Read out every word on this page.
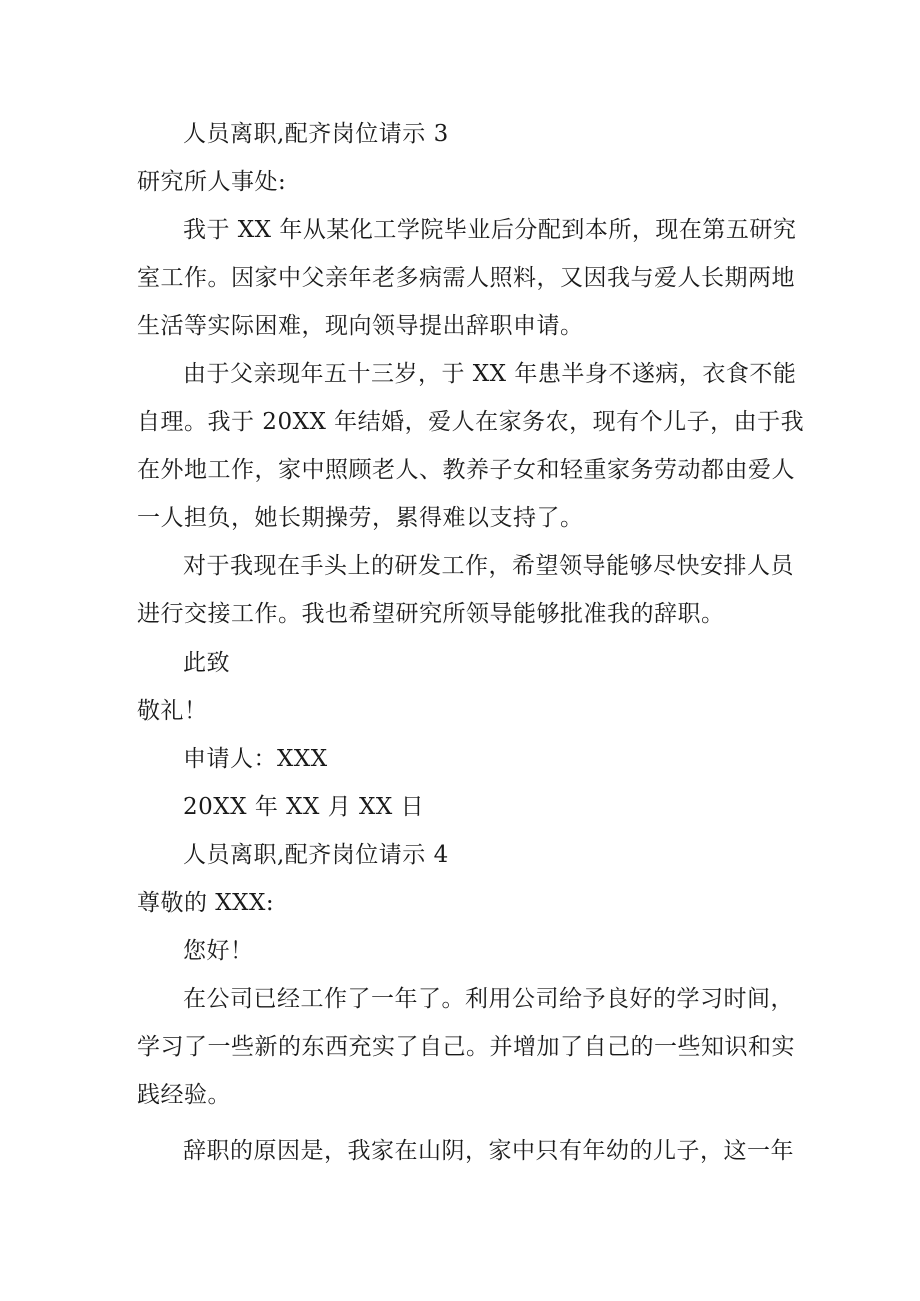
人员离职,配齐岗位请示 3
研究所人事处:
我于 XX 年从某化工学院毕业后分配到本所，现在第五研究
室工作。因家中父亲年老多病需人照料，又因我与爱人长期两地
生活等实际困难，现向领导提出辞职申请。
由于父亲现年五十三岁，于 XX 年患半身不遂病，衣食不能
自理。我于 20XX 年结婚，爱人在家务农，现有个儿子，由于我
在外地工作，家中照顾老人、教养子女和轻重家务劳动都由爱人
一人担负，她长期操劳，累得难以支持了。
对于我现在手头上的研发工作，希望领导能够尽快安排人员
进行交接工作。我也希望研究所领导能够批准我的辞职。
此致
敬礼！
申请人：XXX
20XX 年 XX 月 XX 日
人员离职,配齐岗位请示 4
尊敬的 XXX:
您好！
在公司已经工作了一年了。利用公司给予良好的学习时间，
学习了一些新的东西充实了自己。并增加了自己的一些知识和实
践经验。
辞职的原因是，我家在山阴，家中只有年幼的儿子，这一年
